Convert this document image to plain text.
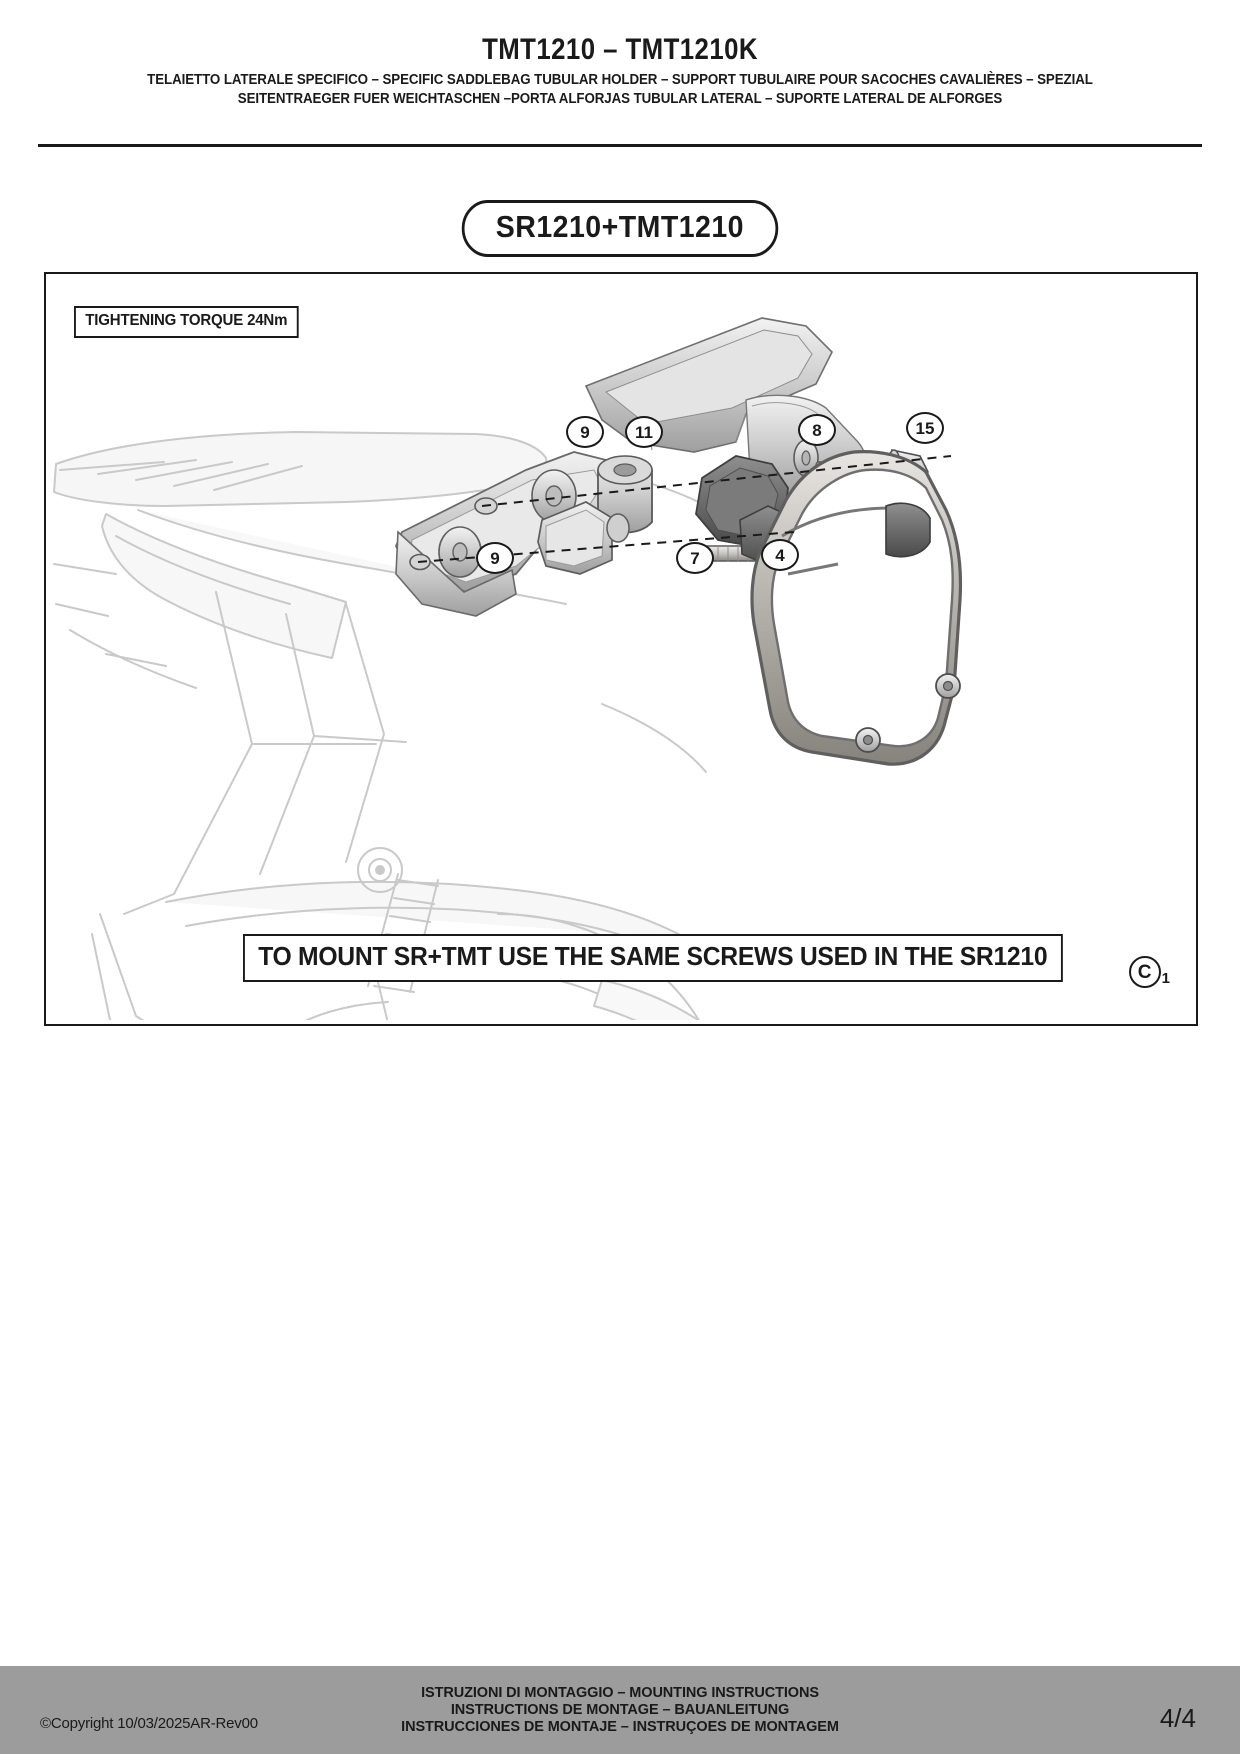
TMT1210 – TMT1210K
TELAIETTO LATERALE SPECIFICO – SPECIFIC SADDLEBAG TUBULAR HOLDER – SUPPORT TUBULAIRE POUR SACOCHES CAVALIÈRES – SPEZIAL SEITENTRAEGER FUER WEICHTASCHEN –PORTA ALFORJAS TUBULAR LATERAL – SUPORTE LATERAL DE ALFORGES
SR1210+TMT1210
TIGHTENING TORQUE 24Nm
9	11	8	15
9	7	4
TO MOUNT SR+TMT USE THE SAME SCREWS USED IN THE SR1210
C 1
©Copyright 10/03/2025AR-Rev00
ISTRUZIONI DI MONTAGGIO – MOUNTING INSTRUCTIONS
INSTRUCTIONS DE MONTAGE – BAUANLEITUNG
INSTRUCCIONES DE MONTAJE – INSTRUÇOES DE MONTAGEM	4/4
